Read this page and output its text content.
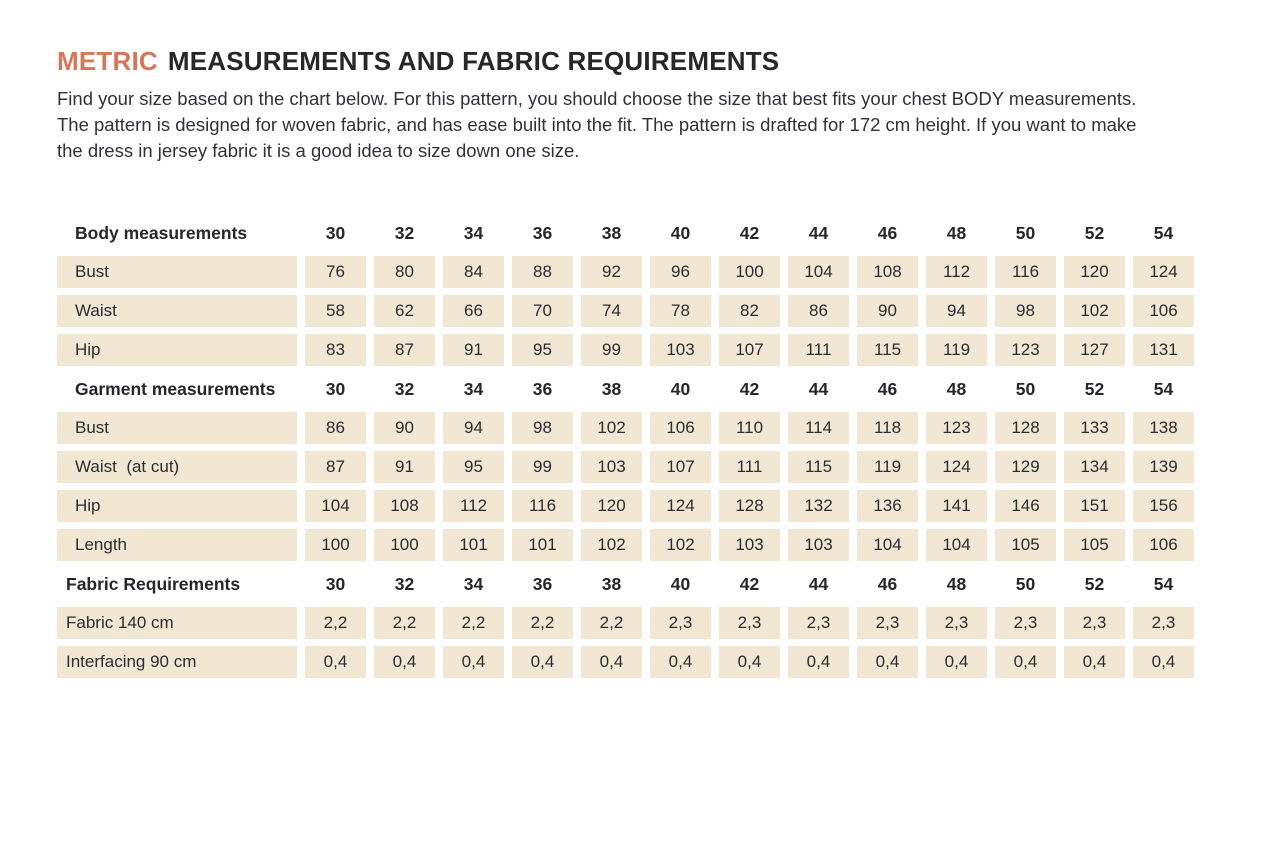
METRIC MEASUREMENTS AND FABRIC REQUIREMENTS

Find your size based on the chart below. For this pattern, you should choose the size that best fits your chest BODY measurements.
The pattern is designed for woven fabric, and has ease built into the fit. The pattern is drafted for 172 cm height. If you want to make
the dress in jersey fabric it is a good idea to size down one size.

Body measurements	30	32	34	36	38	40	42	44	46	48	50	52	54
Bust	76	80	84	88	92	96	100	104	108	112	116	120	124
Waist	58	62	66	70	74	78	82	86	90	94	98	102	106
Hip	83	87	91	95	99	103	107	111	115	119	123	127	131
Garment measurements	30	32	34	36	38	40	42	44	46	48	50	52	54
Bust	86	90	94	98	102	106	110	114	118	123	128	133	138
Waist  (at cut)	87	91	95	99	103	107	111	115	119	124	129	134	139
Hip	104	108	112	116	120	124	128	132	136	141	146	151	156
Length	100	100	101	101	102	102	103	103	104	104	105	105	106
Fabric Requirements	30	32	34	36	38	40	42	44	46	48	50	52	54
Fabric 140 cm	2,2	2,2	2,2	2,2	2,2	2,3	2,3	2,3	2,3	2,3	2,3	2,3	2,3
Interfacing 90 cm	0,4	0,4	0,4	0,4	0,4	0,4	0,4	0,4	0,4	0,4	0,4	0,4	0,4
